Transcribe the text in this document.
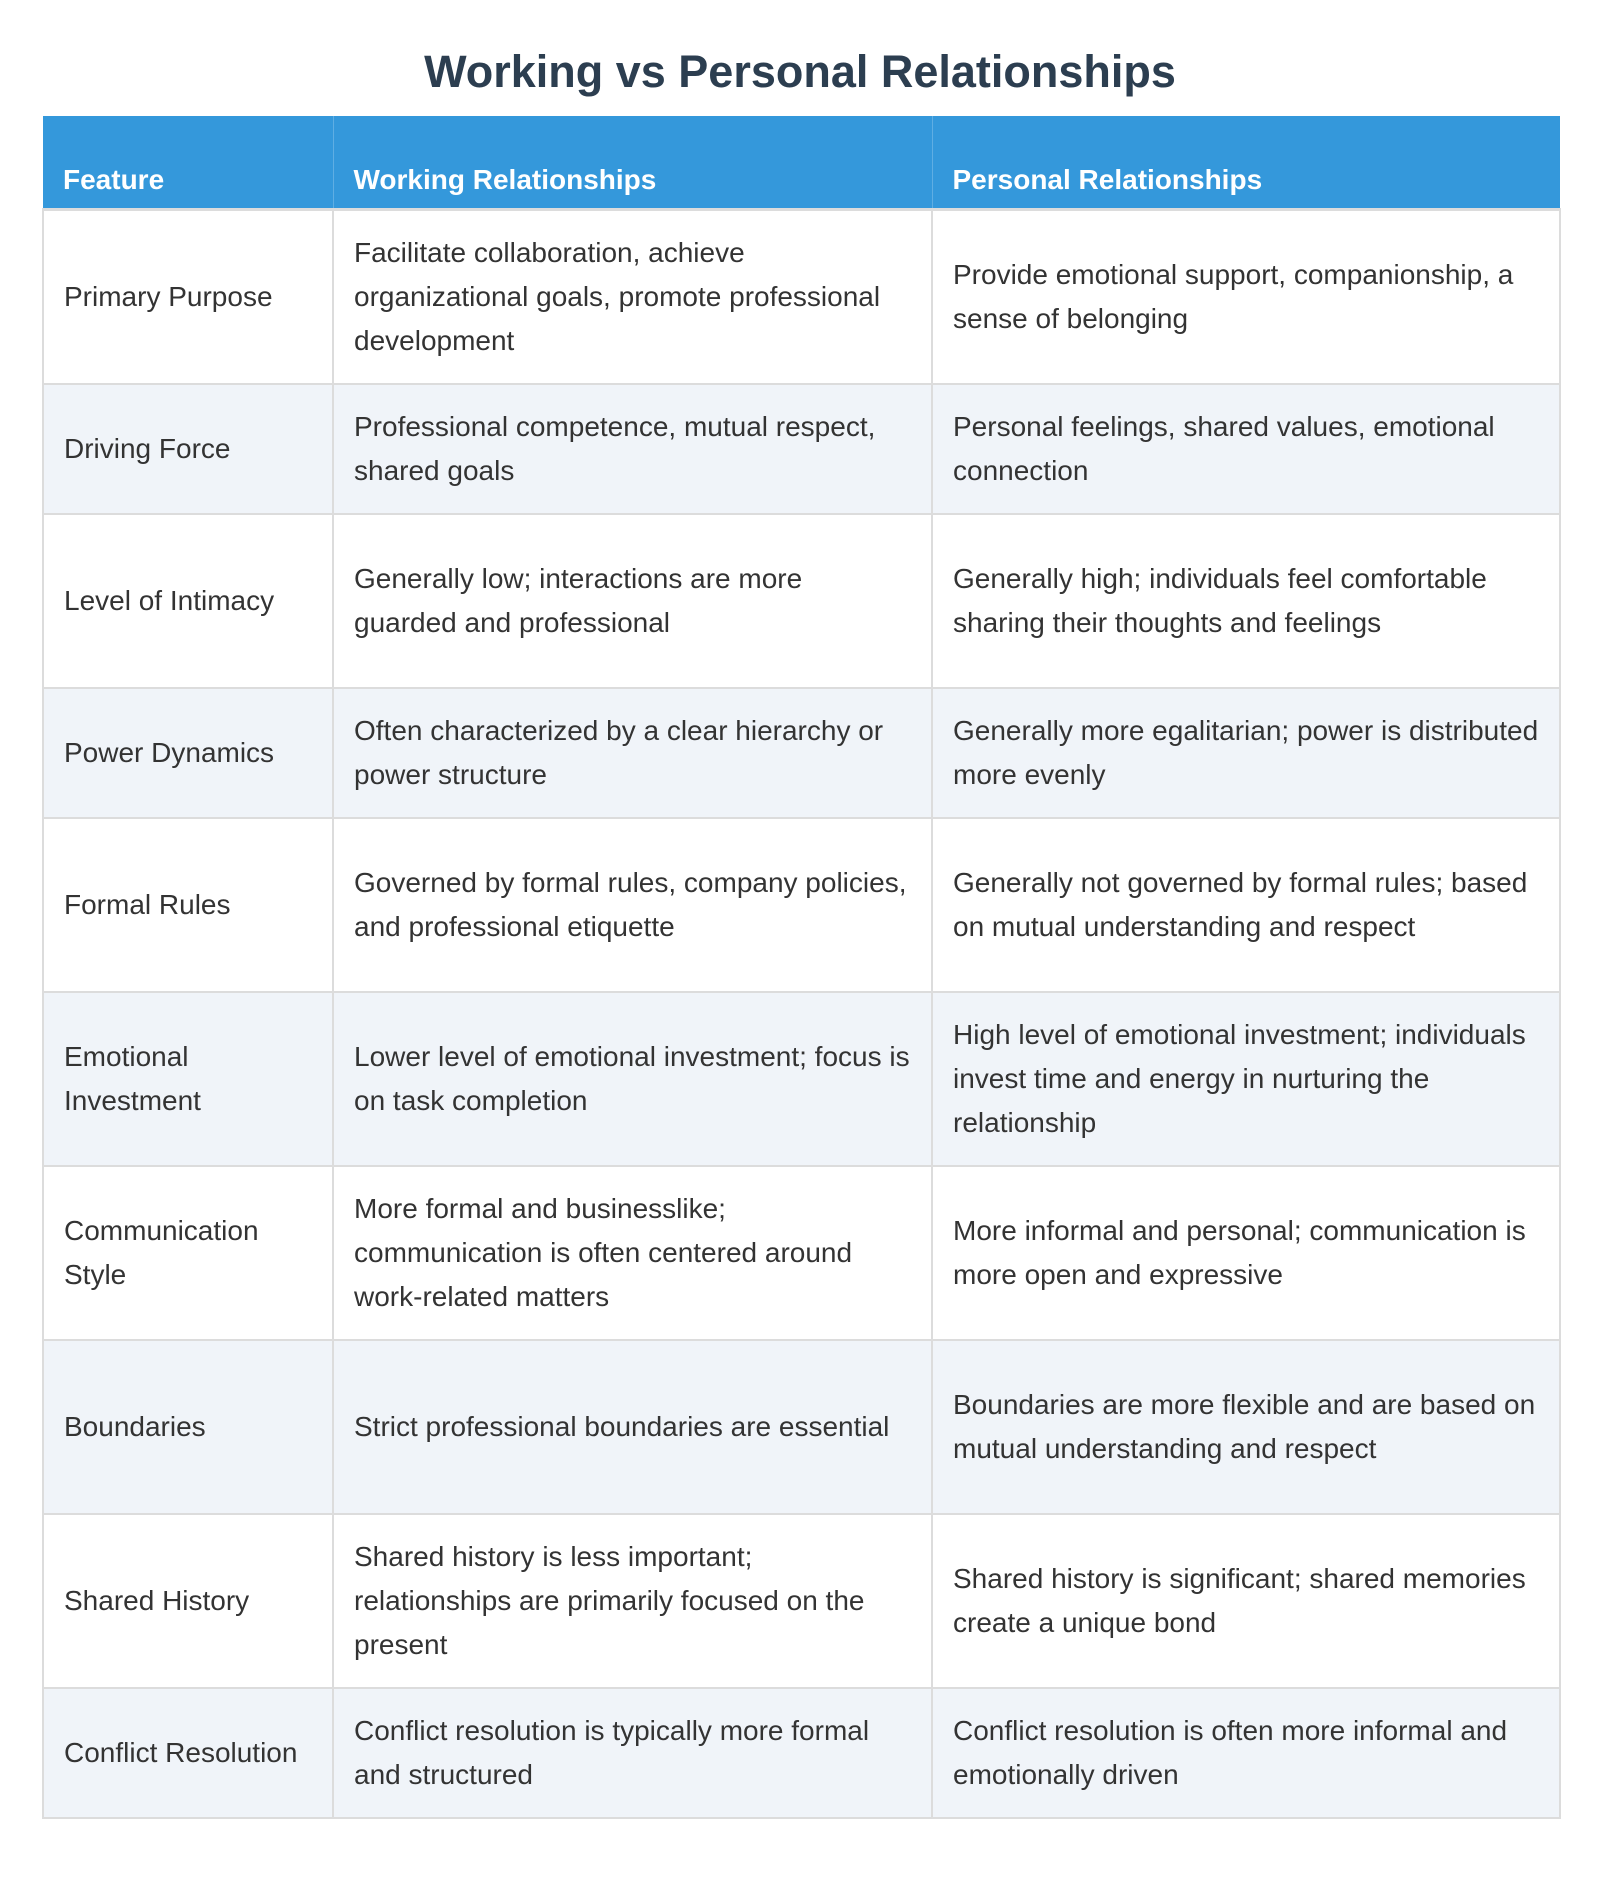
Working vs Personal Relationships
Feature	Working Relationships	Personal Relationships
Primary Purpose	Facilitate collaboration, achieve organizational goals, promote professional development	Provide emotional support, companionship, a sense of belonging
Driving Force	Professional competence, mutual respect, shared goals	Personal feelings, shared values, emotional connection
Level of Intimacy	Generally low; interactions are more guarded and professional	Generally high; individuals feel comfortable sharing their thoughts and feelings
Power Dynamics	Often characterized by a clear hierarchy or power structure	Generally more egalitarian; power is distributed more evenly
Formal Rules	Governed by formal rules, company policies, and professional etiquette	Generally not governed by formal rules; based on mutual understanding and respect
Emotional Investment	Lower level of emotional investment; focus is on task completion	High level of emotional investment; individuals invest time and energy in nurturing the relationship
Communication Style	More formal and businesslike; communication is often centered around work-related matters	More informal and personal; communication is more open and expressive
Boundaries	Strict professional boundaries are essential	Boundaries are more flexible and are based on mutual understanding and respect
Shared History	Shared history is less important; relationships are primarily focused on the present	Shared history is significant; shared memories create a unique bond
Conflict Resolution	Conflict resolution is typically more formal and structured	Conflict resolution is often more informal and emotionally driven
